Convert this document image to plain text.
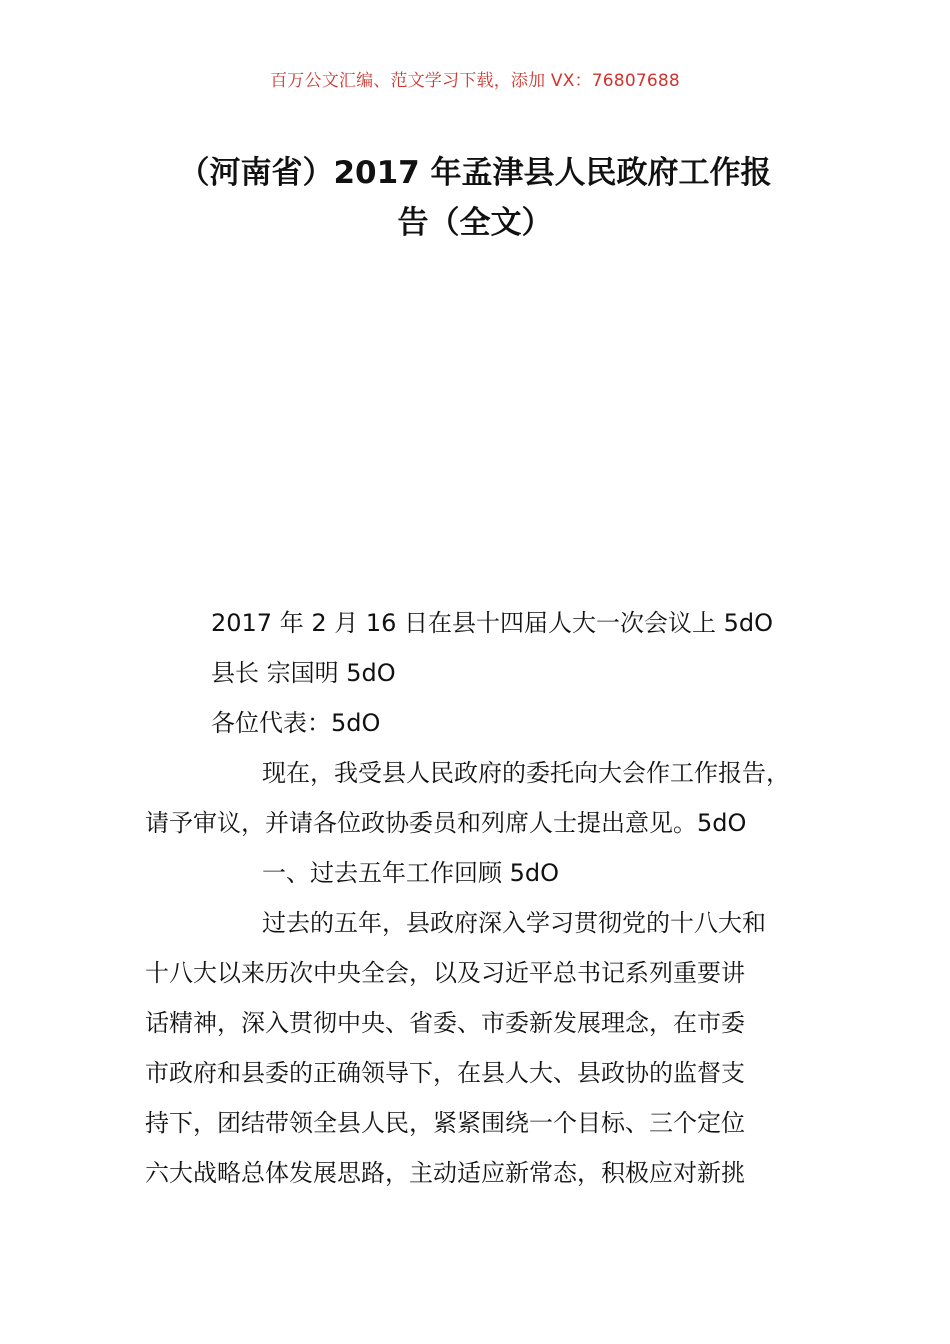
百万公文汇编、范文学习下载，添加 VX：76807688
（河南省）2017 年孟津县人民政府工作报
告（全文）
2017 年 2 月 16 日在县十四届人大一次会议上 5dO
县长 宗国明 5dO
各位代表：5dO
现在，我受县人民政府的委托向大会作工作报告，
请予审议，并请各位政协委员和列席人士提出意见。5dO
一、过去五年工作回顾 5dO
过去的五年，县政府深入学习贯彻党的十八大和
十八大以来历次中央全会，以及习近平总书记系列重要讲
话精神，深入贯彻中央、省委、市委新发展理念，在市委
市政府和县委的正确领导下，在县人大、县政协的监督支
持下，团结带领全县人民，紧紧围绕一个目标、三个定位
六大战略总体发展思路，主动适应新常态，积极应对新挑
